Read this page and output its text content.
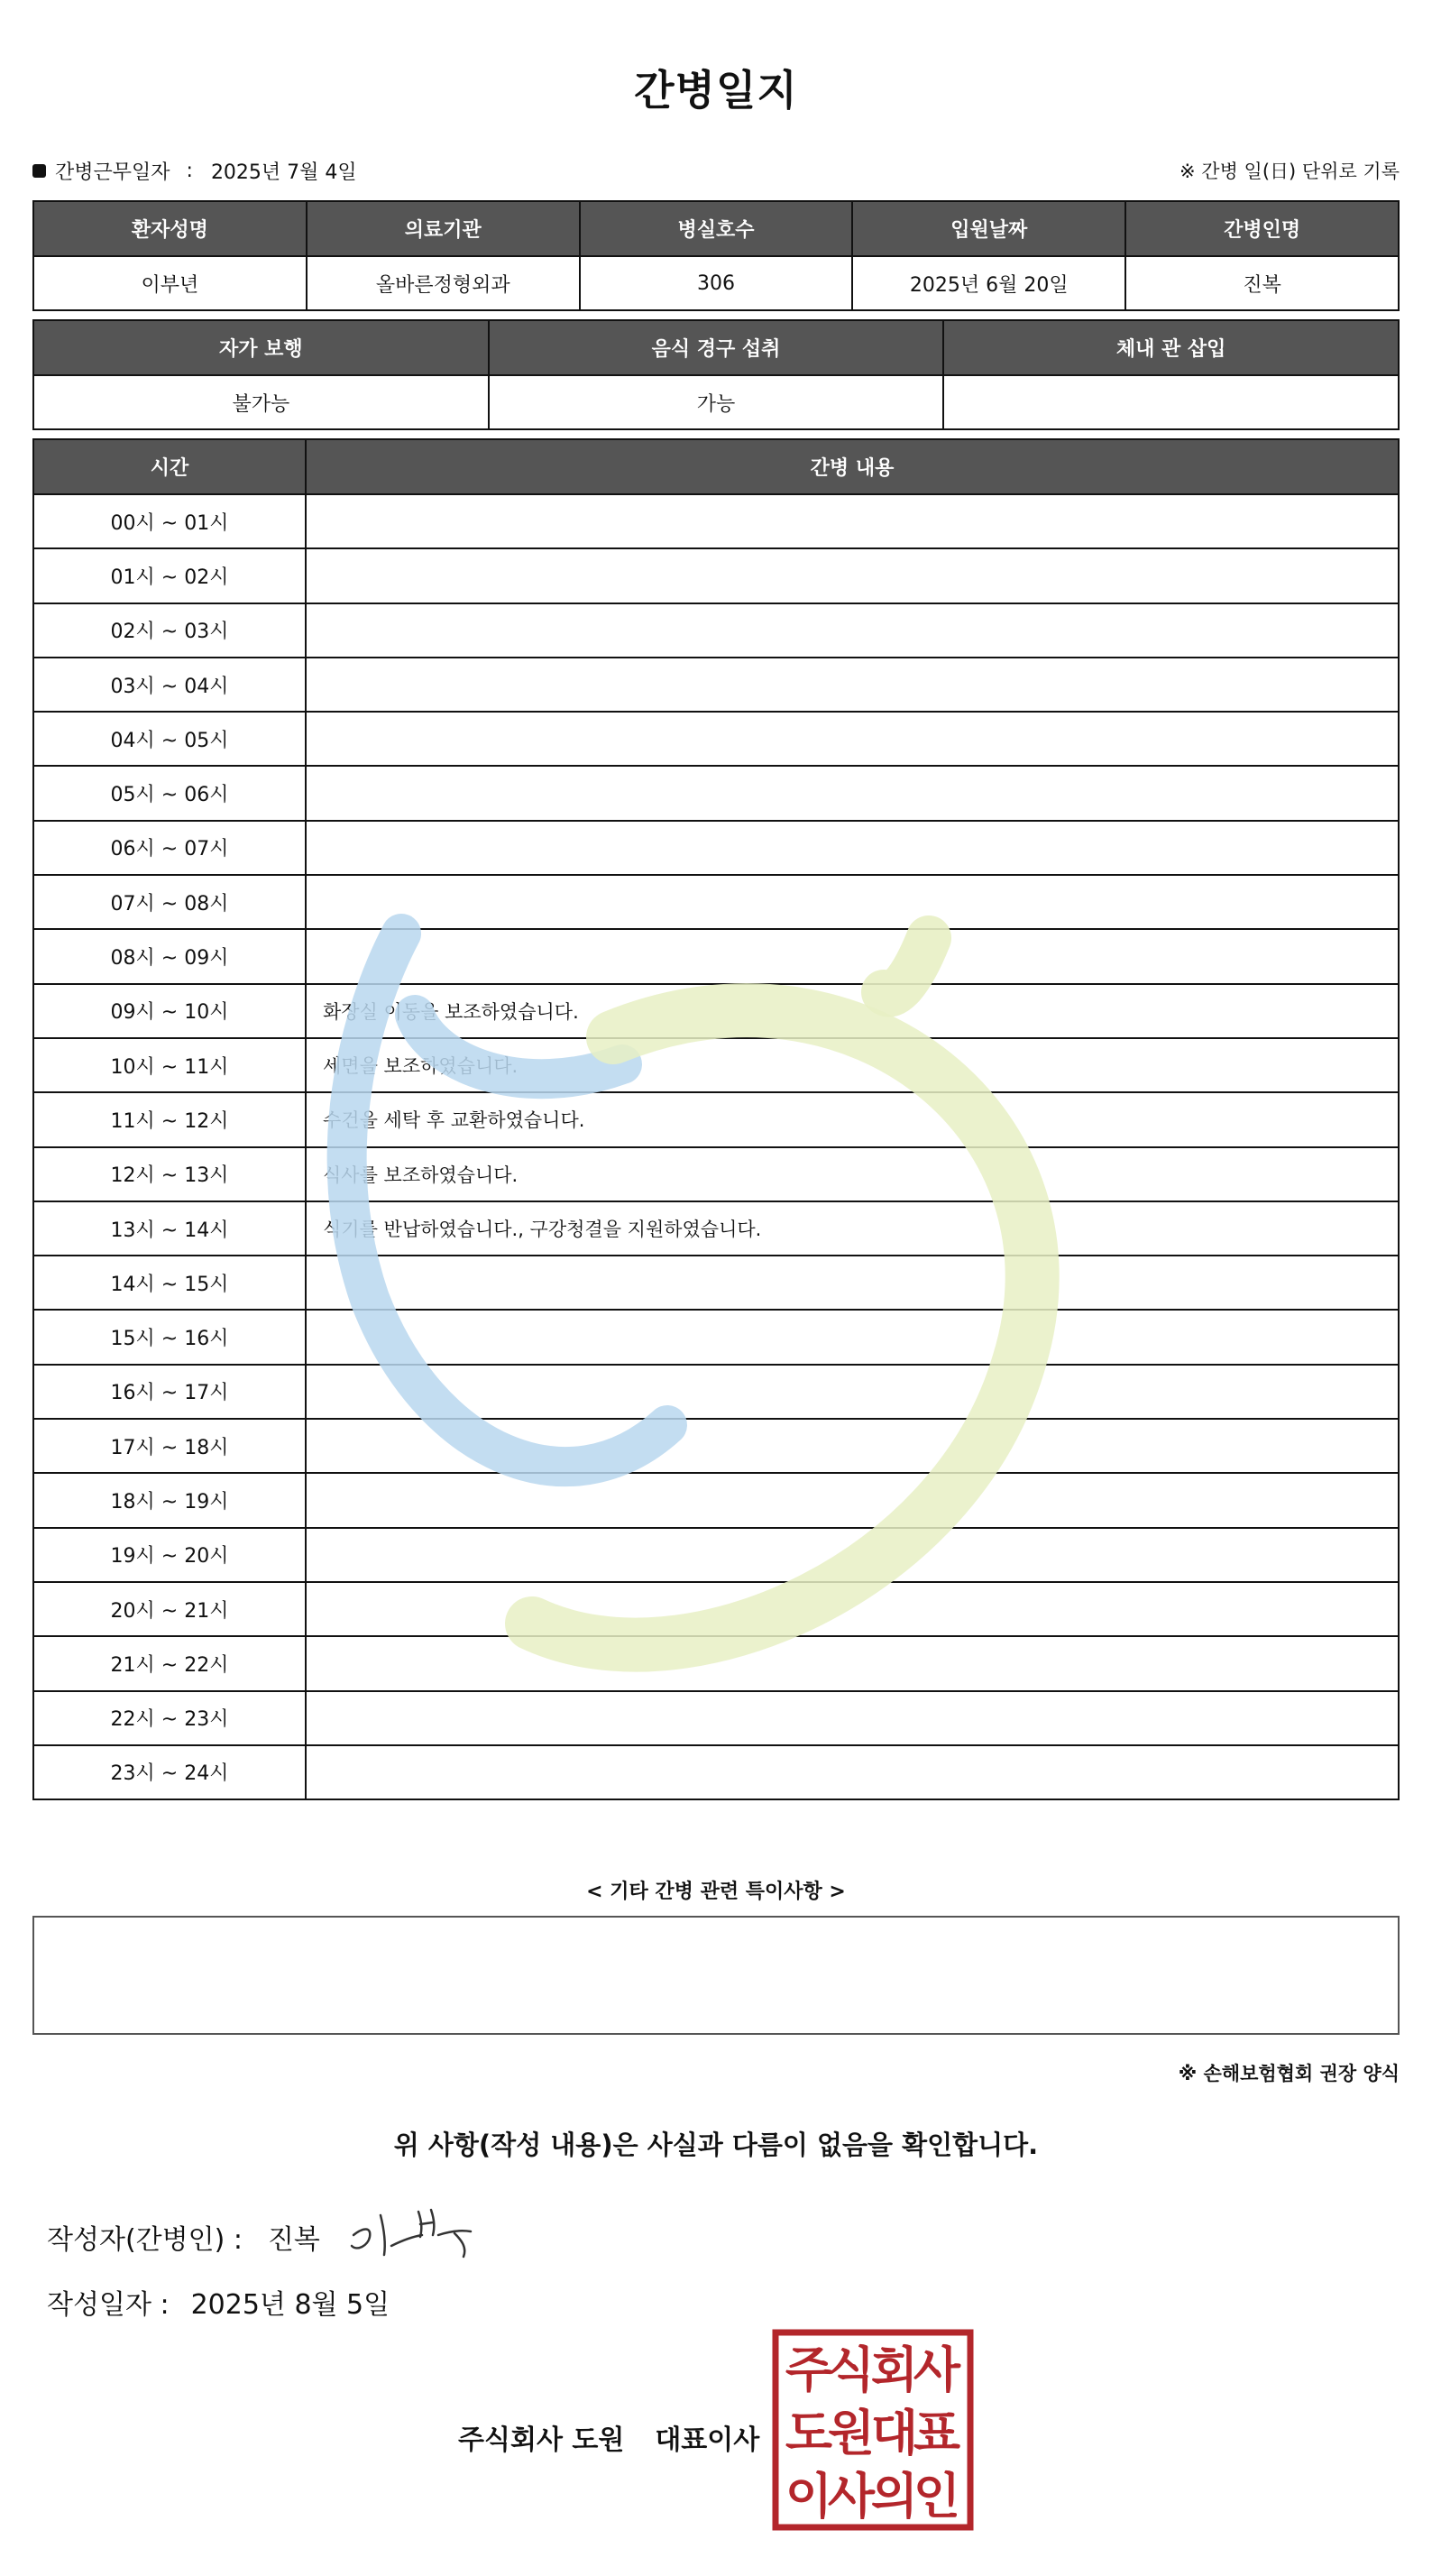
간병일지
간병근무일자 : 2025년 7월 4일	※ 간병 일(日) 단위로 기록
환자성명	의료기관	병실호수	입원날짜	간병인명
이부년	올바른정형외과	306	2025년 6월 20일	진복
자가 보행	음식 경구 섭취	체내 관 삽입
불가능	가능	
시간	간병 내용
00시 ~ 01시	
01시 ~ 02시	
02시 ~ 03시	
03시 ~ 04시	
04시 ~ 05시	
05시 ~ 06시	
06시 ~ 07시	
07시 ~ 08시	
08시 ~ 09시	
09시 ~ 10시	화장실 이동을 보조하였습니다.
10시 ~ 11시	세면을 보조하였습니다.
11시 ~ 12시	수건을 세탁 후 교환하였습니다.
12시 ~ 13시	식사를 보조하였습니다.
13시 ~ 14시	식기를 반납하였습니다., 구강청결을 지원하였습니다.
14시 ~ 15시	
15시 ~ 16시	
16시 ~ 17시	
17시 ~ 18시	
18시 ~ 19시	
19시 ~ 20시	
20시 ~ 21시	
21시 ~ 22시	
22시 ~ 23시	
23시 ~ 24시	
< 기타 간병 관련 특이사항 >
※ 손해보험협회 권장 양식
위 사항(작성 내용)은 사실과 다름이 없음을 확인합니다.
작성자(간병인) : 진복
작성일자 : 2025년 8월 5일
주식회사 도원 대표이사
주
식
회
사
도
원
대
표
이
사
의
인
